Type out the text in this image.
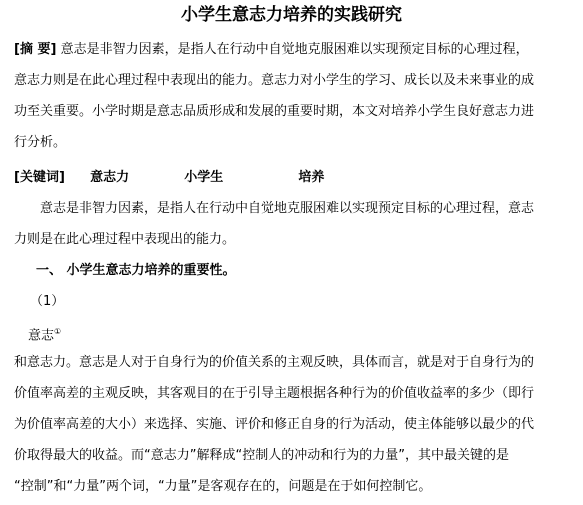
小学生意志力培养的实践研究
[摘 要] 意志是非智力因素，是指人在行动中自觉地克服困难以实现预定目标的心理过程，
意志力则是在此心理过程中表现出的能力。意志力对小学生的学习、成长以及未来事业的成
功至关重要。小学时期是意志品质形成和发展的重要时期，本文对培养小学生良好意志力进
行分析。
[关键词] 意志力	小学生	培养
意志是非智力因素，是指人在行动中自觉地克服困难以实现预定目标的心理过程，意志
力则是在此心理过程中表现出的能力。
一、 小学生意志力培养的重要性。
（1）
意志①
和意志力。意志是人对于自身行为的价值关系的主观反映，具体而言，就是对于自身行为的
价值率高差的主观反映，其客观目的在于引导主题根据各种行为的价值收益率的多少（即行
为价值率高差的大小）来选择、实施、评价和修正自身的行为活动，使主体能够以最少的代
价取得最大的收益。而“意志力”解释成“控制人的冲动和行为的力量”，其中最关键的是
“控制”和“力量”两个词，“力量”是客观存在的，问题是在于如何控制它。
